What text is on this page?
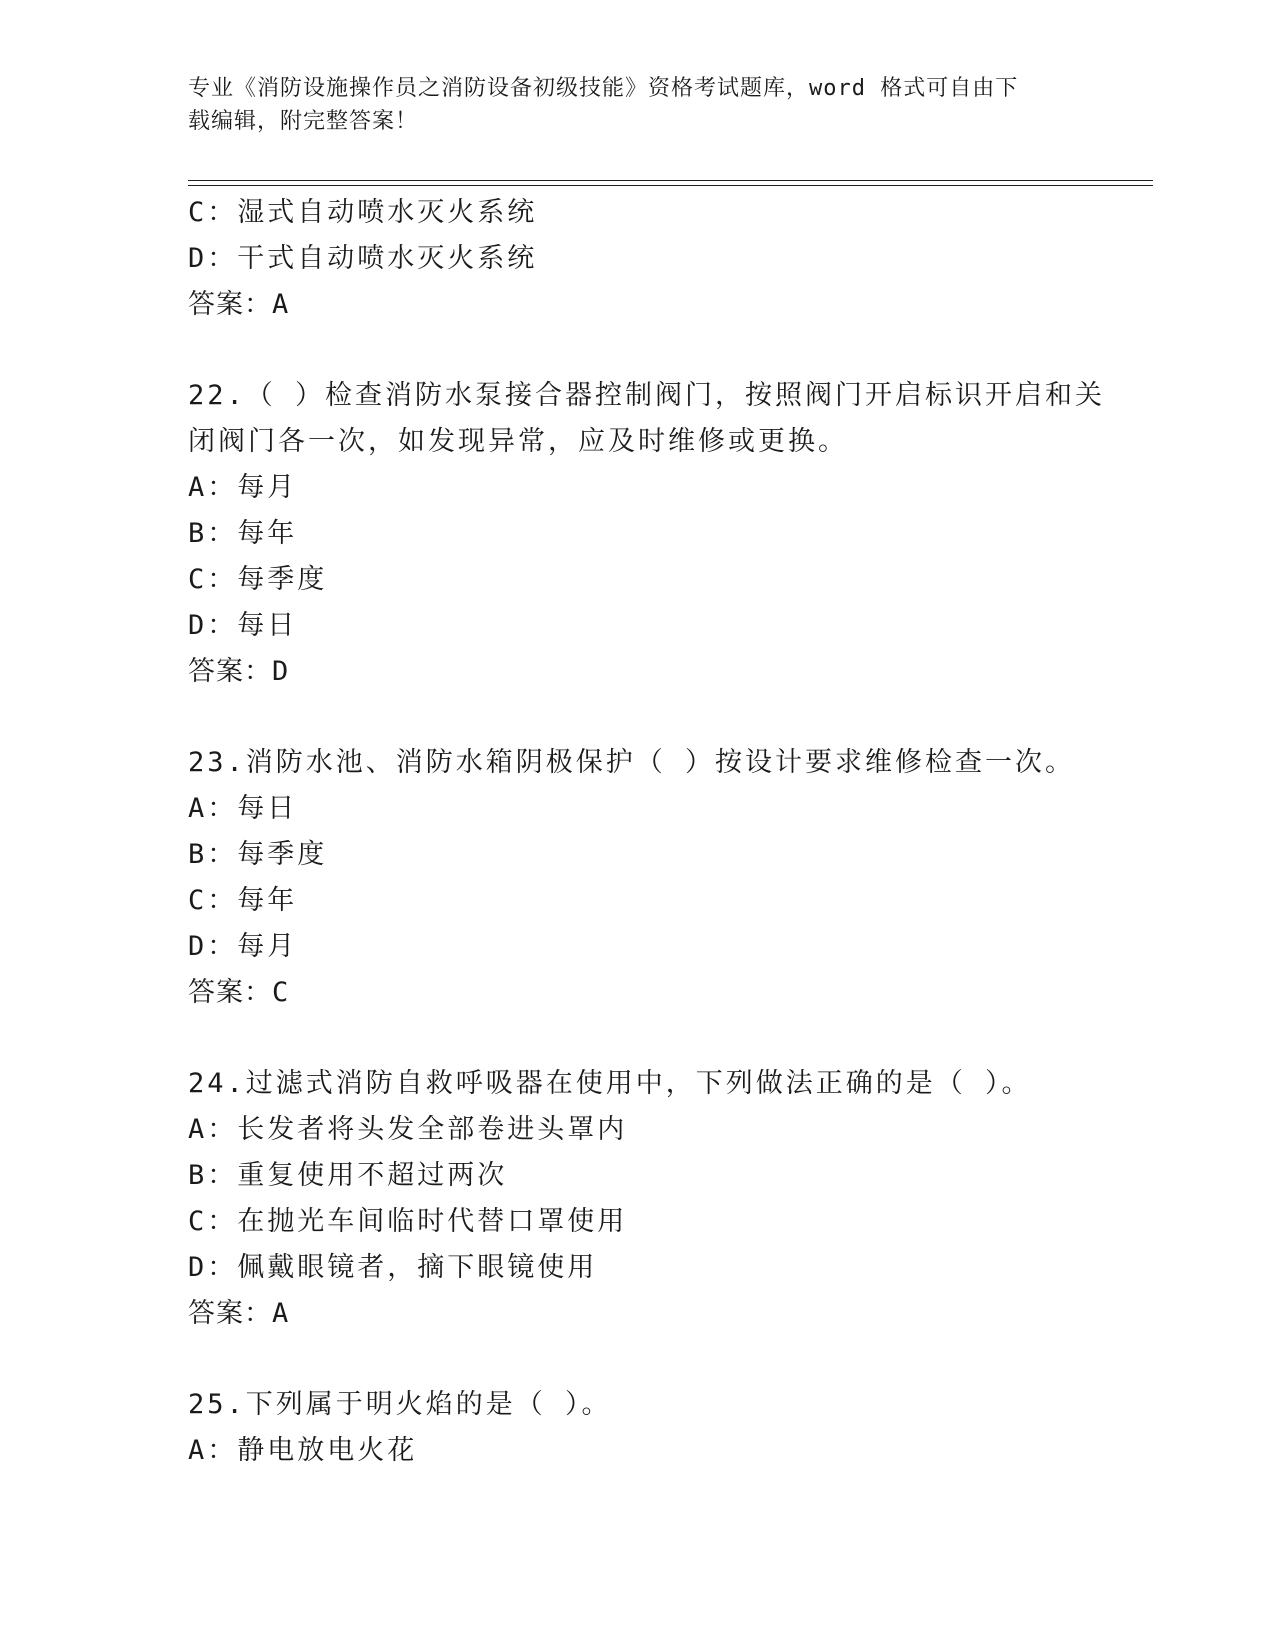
专业《消防设施操作员之消防设备初级技能》资格考试题库，word 格式可自由下
载编辑，附完整答案！
C：湿式自动喷水灭火系统
D：干式自动喷水灭火系统
答案：A
22.（ ）检查消防水泵接合器控制阀门，按照阀门开启标识开启和关
闭阀门各一次，如发现异常，应及时维修或更换。
A：每月
B：每年
C：每季度
D：每日
答案：D
23.消防水池、消防水箱阴极保护（ ）按设计要求维修检查一次。
A：每日
B：每季度
C：每年
D：每月
答案：C
24.过滤式消防自救呼吸器在使用中，下列做法正确的是（ ）。
A：长发者将头发全部卷进头罩内
B：重复使用不超过两次
C：在抛光车间临时代替口罩使用
D：佩戴眼镜者，摘下眼镜使用
答案：A
25.下列属于明火焰的是（ ）。
A：静电放电火花
